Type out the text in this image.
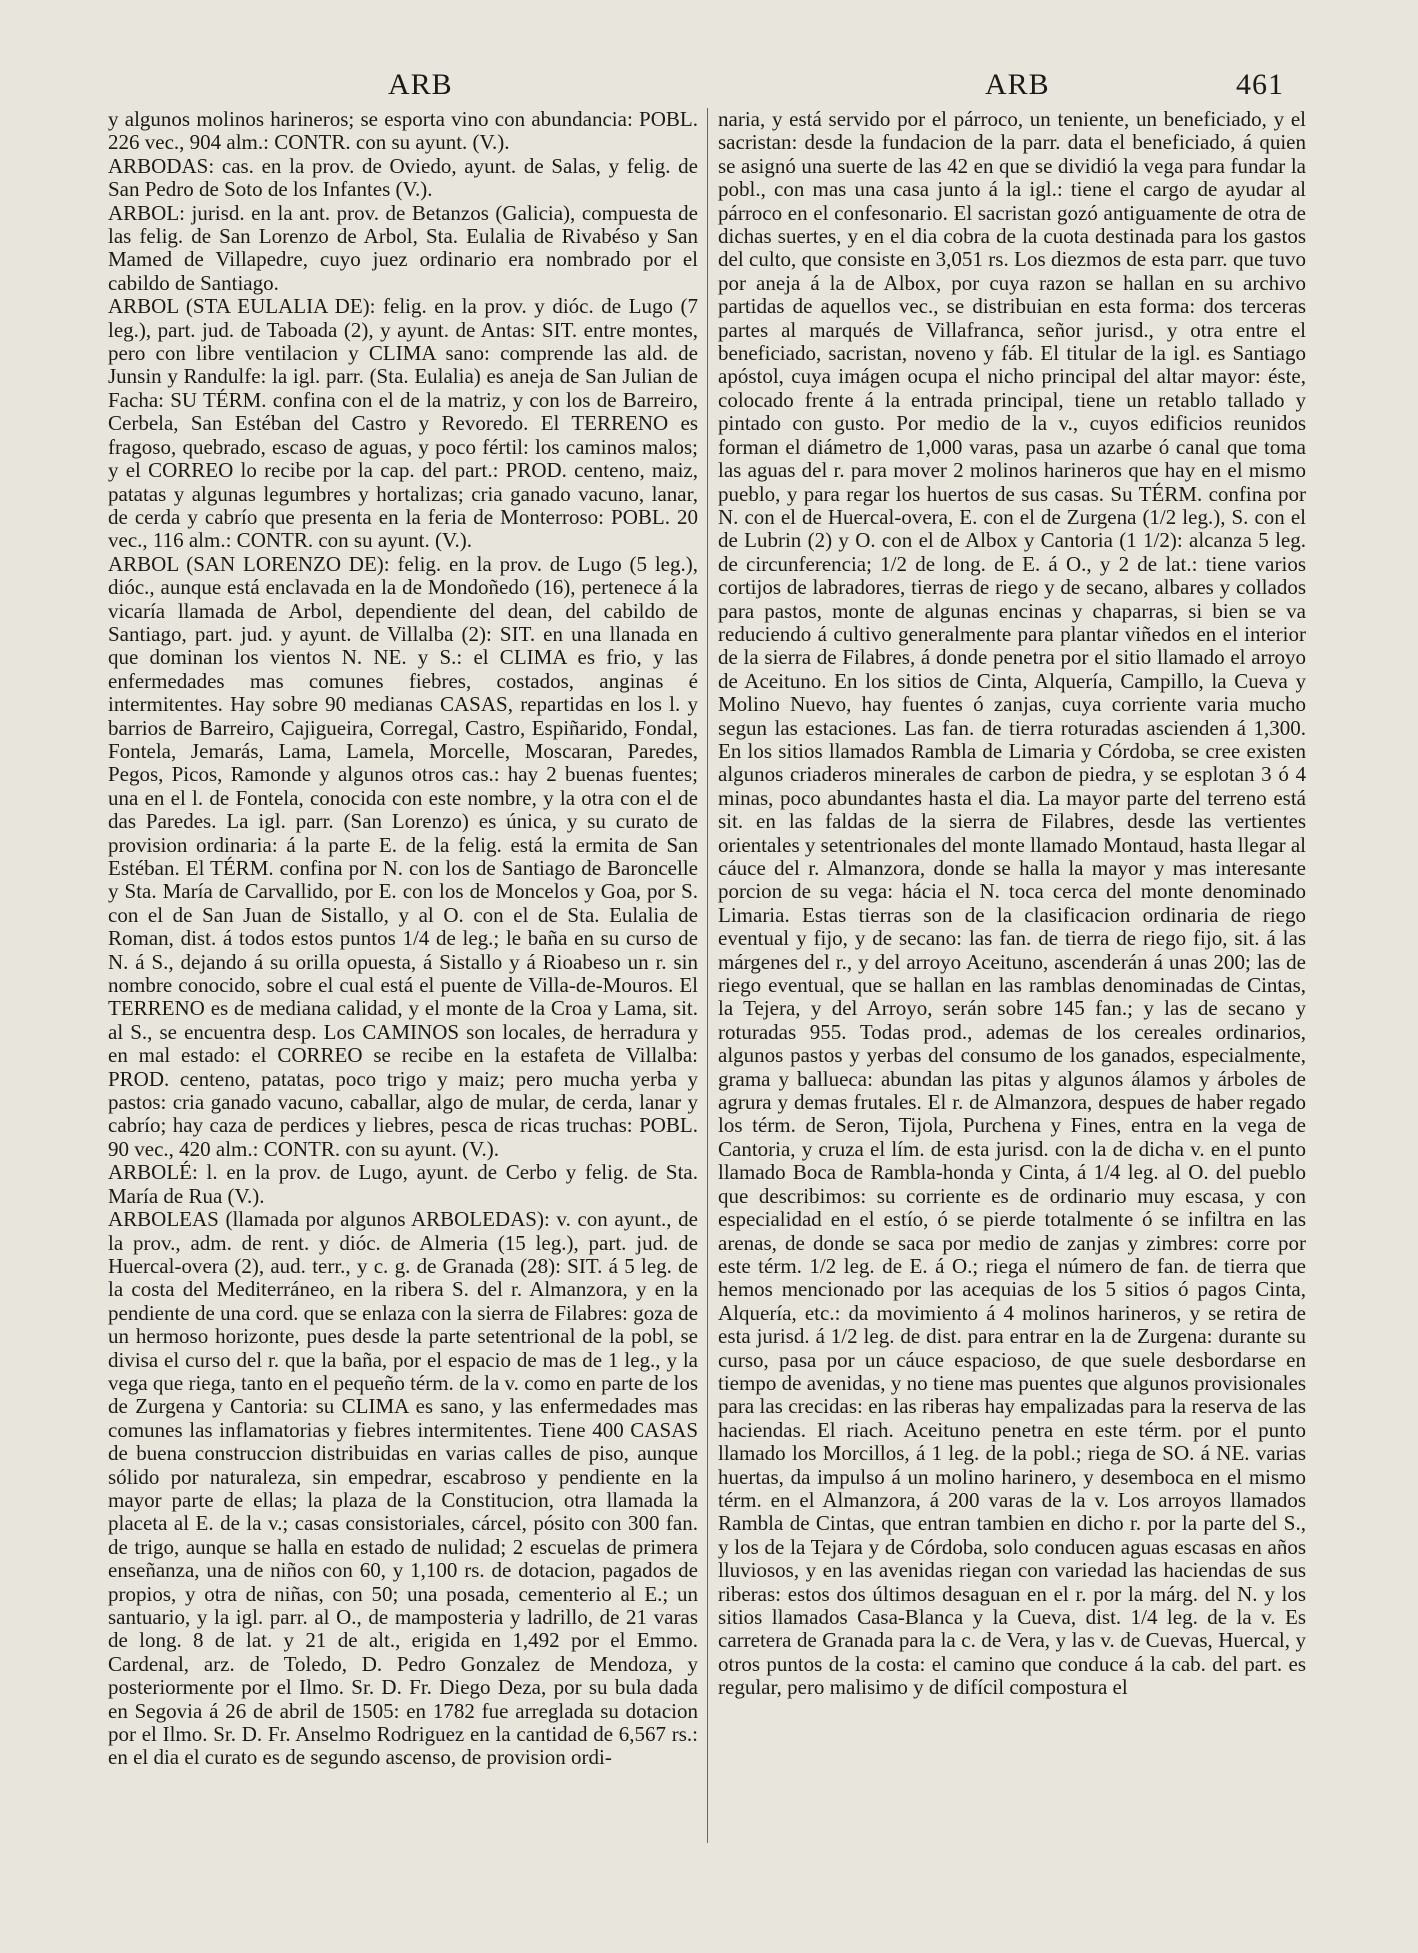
ARB	ARB	461

y algunos molinos harineros; se esporta vino con abundancia: POBL. 226 vec., 904 alm.: CONTR. con su ayunt. (V.).

ARBODAS: cas. en la prov. de Oviedo, ayunt. de Salas, y felig. de San Pedro de Soto de los Infantes (V.).

ARBOL: jurisd. en la ant. prov. de Betanzos (Galicia), compuesta de las felig. de San Lorenzo de Arbol, Sta. Eulalia de Rivabéso y San Mamed de Villapedre, cuyo juez ordinario era nombrado por el cabildo de Santiago.

ARBOL (STA EULALIA DE): felig. en la prov. y dióc. de Lugo (7 leg.), part. jud. de Taboada (2), y ayunt. de Antas: SIT. entre montes, pero con libre ventilacion y CLIMA sano: comprende las ald. de Junsin y Randulfe: la igl. parr. (Sta. Eulalia) es aneja de San Julian de Facha: SU TÉRM. confina con el de la matriz, y con los de Barreiro, Cerbela, San Estéban del Castro y Revoredo. El TERRENO es fragoso, quebrado, escaso de aguas, y poco fértil: los caminos malos; y el CORREO lo recibe por la cap. del part.: PROD. centeno, maiz, patatas y algunas legumbres y hortalizas; cria ganado vacuno, lanar, de cerda y cabrío que presenta en la feria de Monterroso: POBL. 20 vec., 116 alm.: CONTR. con su ayunt. (V.).

ARBOL (SAN LORENZO DE): felig. en la prov. de Lugo (5 leg.), dióc., aunque está enclavada en la de Mondoñedo (16), pertenece á la vicaría llamada de Arbol, dependiente del dean, del cabildo de Santiago, part. jud. y ayunt. de Villalba (2): SIT. en una llanada en que dominan los vientos N. NE. y S.: el CLIMA es frio, y las enfermedades mas comunes fiebres, costados, anginas é intermitentes. Hay sobre 90 medianas CASAS, repartidas en los l. y barrios de Barreiro, Cajigueira, Corregal, Castro, Espiñarido, Fondal, Fontela, Jemarás, Lama, Lamela, Morcelle, Moscaran, Paredes, Pegos, Picos, Ramonde y algunos otros cas.: hay 2 buenas fuentes; una en el l. de Fontela, conocida con este nombre, y la otra con el de das Paredes. La igl. parr. (San Lorenzo) es única, y su curato de provision ordinaria: á la parte E. de la felig. está la ermita de San Estéban. El TÉRM. confina por N. con los de Santiago de Baroncelle y Sta. María de Carvallido, por E. con los de Moncelos y Goa, por S. con el de San Juan de Sistallo, y al O. con el de Sta. Eulalia de Roman, dist. á todos estos puntos 1/4 de leg.; le baña en su curso de N. á S., dejando á su orilla opuesta, á Sistallo y á Rioabeso un r. sin nombre conocido, sobre el cual está el puente de Villa-de-Mouros. El TERRENO es de mediana calidad, y el monte de la Croa y Lama, sit. al S., se encuentra desp. Los CAMINOS son locales, de herradura y en mal estado: el CORREO se recibe en la estafeta de Villalba: PROD. centeno, patatas, poco trigo y maiz; pero mucha yerba y pastos: cria ganado vacuno, caballar, algo de mular, de cerda, lanar y cabrío; hay caza de perdices y liebres, pesca de ricas truchas: POBL. 90 vec., 420 alm.: CONTR. con su ayunt. (V.).

ARBOLÉ: l. en la prov. de Lugo, ayunt. de Cerbo y felig. de Sta. María de Rua (V.).

ARBOLEAS (llamada por algunos ARBOLEDAS): v. con ayunt., de la prov., adm. de rent. y dióc. de Almeria (15 leg.), part. jud. de Huercal-overa (2), aud. terr., y c. g. de Granada (28): SIT. á 5 leg. de la costa del Mediterráneo, en la ribera S. del r. Almanzora, y en la pendiente de una cord. que se enlaza con la sierra de Filabres: goza de un hermoso horizonte, pues desde la parte setentrional de la pobl, se divisa el curso del r. que la baña, por el espacio de mas de 1 leg., y la vega que riega, tanto en el pequeño térm. de la v. como en parte de los de Zurgena y Cantoria: su CLIMA es sano, y las enfermedades mas comunes las inflamatorias y fiebres intermitentes. Tiene 400 CASAS de buena construccion distribuidas en varias calles de piso, aunque sólido por naturaleza, sin empedrar, escabroso y pendiente en la mayor parte de ellas; la plaza de la Constitucion, otra llamada la placeta al E. de la v.; casas consistoriales, cárcel, pósito con 300 fan. de trigo, aunque se halla en estado de nulidad; 2 escuelas de primera enseñanza, una de niños con 60, y 1,100 rs. de dotacion, pagados de propios, y otra de niñas, con 50; una posada, cementerio al E.; un santuario, y la igl. parr. al O., de mamposteria y ladrillo, de 21 varas de long. 8 de lat. y 21 de alt., erigida en 1,492 por el Emmo. Cardenal, arz. de Toledo, D. Pedro Gonzalez de Mendoza, y posteriormente por el Ilmo. Sr. D. Fr. Diego Deza, por su bula dada en Segovia á 26 de abril de 1505: en 1782 fue arreglada su dotacion por el Ilmo. Sr. D. Fr. Anselmo Rodriguez en la cantidad de 6,567 rs.: en el dia el curato es de segundo ascenso, de provision ordi-

naria, y está servido por el párroco, un teniente, un beneficiado, y el sacristan: desde la fundacion de la parr. data el beneficiado, á quien se asignó una suerte de las 42 en que se dividió la vega para fundar la pobl., con mas una casa junto á la igl.: tiene el cargo de ayudar al párroco en el confesonario. El sacristan gozó antiguamente de otra de dichas suertes, y en el dia cobra de la cuota destinada para los gastos del culto, que consiste en 3,051 rs. Los diezmos de esta parr. que tuvo por aneja á la de Albox, por cuya razon se hallan en su archivo partidas de aquellos vec., se distribuian en esta forma: dos terceras partes al marqués de Villafranca, señor jurisd., y otra entre el beneficiado, sacristan, noveno y fáb. El titular de la igl. es Santiago apóstol, cuya imágen ocupa el nicho principal del altar mayor: éste, colocado frente á la entrada principal, tiene un retablo tallado y pintado con gusto. Por medio de la v., cuyos edificios reunidos forman el diámetro de 1,000 varas, pasa un azarbe ó canal que toma las aguas del r. para mover 2 molinos harineros que hay en el mismo pueblo, y para regar los huertos de sus casas. Su TÉRM. confina por N. con el de Huercal-overa, E. con el de Zurgena (1/2 leg.), S. con el de Lubrin (2) y O. con el de Albox y Cantoria (1 1/2): alcanza 5 leg. de circunferencia; 1/2 de long. de E. á O., y 2 de lat.: tiene varios cortijos de labradores, tierras de riego y de secano, albares y collados para pastos, monte de algunas encinas y chaparras, si bien se va reduciendo á cultivo generalmente para plantar viñedos en el interior de la sierra de Filabres, á donde penetra por el sitio llamado el arroyo de Aceituno. En los sitios de Cinta, Alquería, Campillo, la Cueva y Molino Nuevo, hay fuentes ó zanjas, cuya corriente varia mucho segun las estaciones. Las fan. de tierra roturadas ascienden á 1,300. En los sitios llamados Rambla de Limaria y Córdoba, se cree existen algunos criaderos minerales de carbon de piedra, y se esplotan 3 ó 4 minas, poco abundantes hasta el dia. La mayor parte del terreno está sit. en las faldas de la sierra de Filabres, desde las vertientes orientales y setentrionales del monte llamado Montaud, hasta llegar al cáuce del r. Almanzora, donde se halla la mayor y mas interesante porcion de su vega: hácia el N. toca cerca del monte denominado Limaria. Estas tierras son de la clasificacion ordinaria de riego eventual y fijo, y de secano: las fan. de tierra de riego fijo, sit. á las márgenes del r., y del arroyo Aceituno, ascenderán á unas 200; las de riego eventual, que se hallan en las ramblas denominadas de Cintas, la Tejera, y del Arroyo, serán sobre 145 fan.; y las de secano y roturadas 955. Todas prod., ademas de los cereales ordinarios, algunos pastos y yerbas del consumo de los ganados, especialmente, grama y ballueca: abundan las pitas y algunos álamos y árboles de agrura y demas frutales. El r. de Almanzora, despues de haber regado los térm. de Seron, Tijola, Purchena y Fines, entra en la vega de Cantoria, y cruza el lím. de esta jurisd. con la de dicha v. en el punto llamado Boca de Rambla-honda y Cinta, á 1/4 leg. al O. del pueblo que describimos: su corriente es de ordinario muy escasa, y con especialidad en el estío, ó se pierde totalmente ó se infiltra en las arenas, de donde se saca por medio de zanjas y zimbres: corre por este térm. 1/2 leg. de E. á O.; riega el número de fan. de tierra que hemos mencionado por las acequias de los 5 sitios ó pagos Cinta, Alquería, etc.: da movimiento á 4 molinos harineros, y se retira de esta jurisd. á 1/2 leg. de dist. para entrar en la de Zurgena: durante su curso, pasa por un cáuce espacioso, de que suele desbordarse en tiempo de avenidas, y no tiene mas puentes que algunos provisionales para las crecidas: en las riberas hay empalizadas para la reserva de las haciendas. El riach. Aceituno penetra en este térm. por el punto llamado los Morcillos, á 1 leg. de la pobl.; riega de SO. á NE. varias huertas, da impulso á un molino harinero, y desemboca en el mismo térm. en el Almanzora, á 200 varas de la v. Los arroyos llamados Rambla de Cintas, que entran tambien en dicho r. por la parte del S., y los de la Tejara y de Córdoba, solo conducen aguas escasas en años lluviosos, y en las avenidas riegan con variedad las haciendas de sus riberas: estos dos últimos desaguan en el r. por la márg. del N. y los sitios llamados Casa-Blanca y la Cueva, dist. 1/4 leg. de la v. Es carretera de Granada para la c. de Vera, y las v. de Cuevas, Huercal, y otros puntos de la costa: el camino que conduce á la cab. del part. es regular, pero malisimo y de difícil compostura el
